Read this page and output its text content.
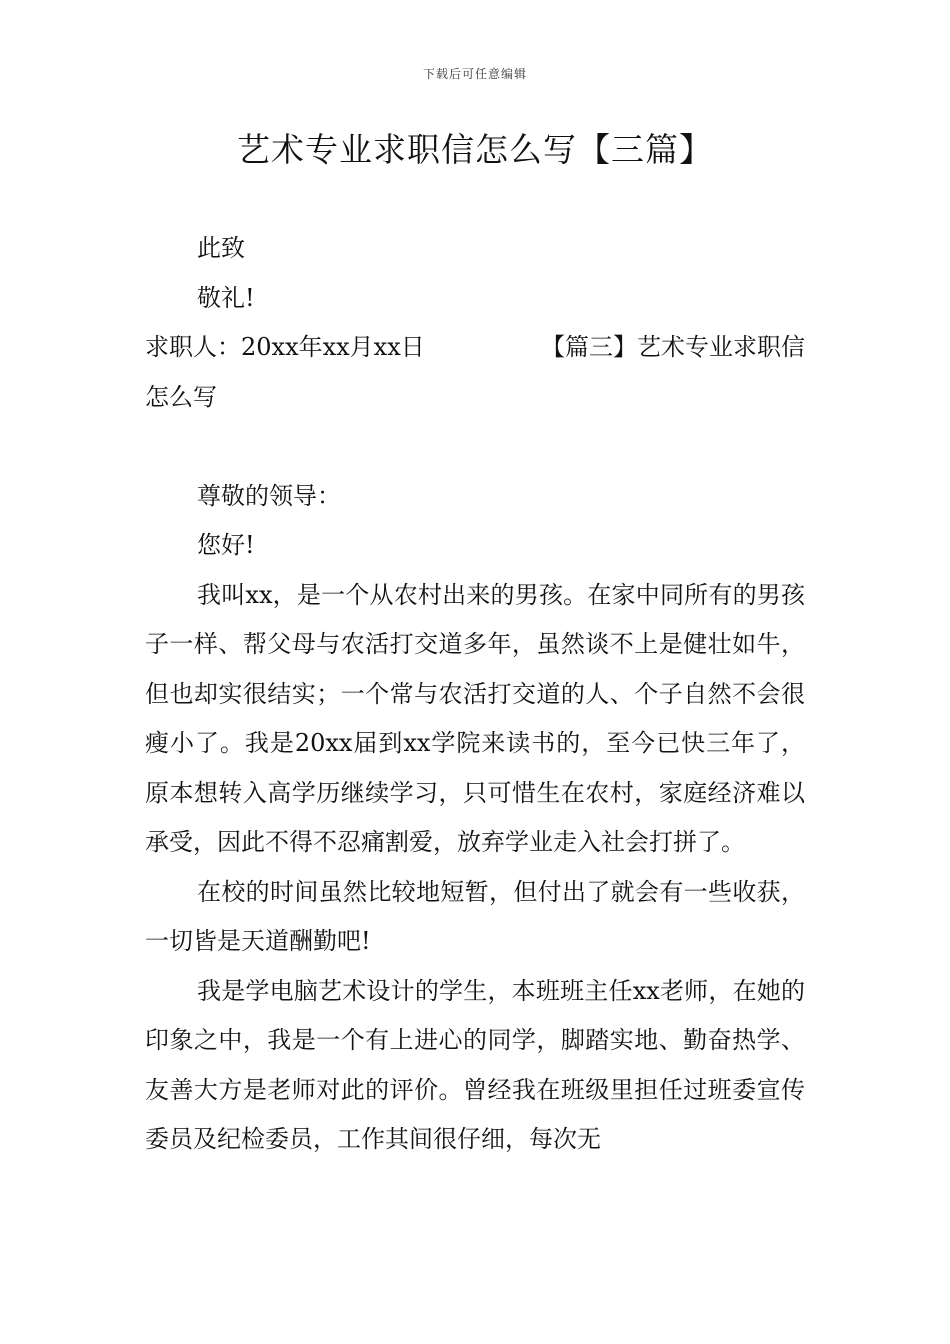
下载后可任意编辑
艺术专业求职信怎么写【三篇】

此致

敬礼!

求职人：20xx年xx月xx日	【篇三】艺术专业求职信

怎么写

尊敬的领导：

您好!

我叫xx，是一个从农村出来的男孩。在家中同所有的男孩子一样、帮父母与农活打交道多年，虽然谈不上是健壮如牛，但也却实很结实；一个常与农活打交道的人、个子自然不会很瘦小了。我是20xx届到xx学院来读书的，至今已快三年了，原本想转入高学历继续学习，只可惜生在农村，家庭经济难以承受，因此不得不忍痛割爱，放弃学业走入社会打拼了。

在校的时间虽然比较地短暂，但付出了就会有一些收获，一切皆是天道酬勤吧!

我是学电脑艺术设计的学生，本班班主任xx老师，在她的印象之中，我是一个有上进心的同学，脚踏实地、勤奋热学、友善大方是老师对此的评价。曾经我在班级里担任过班委宣传委员及纪检委员，工作其间很仔细，每次无
